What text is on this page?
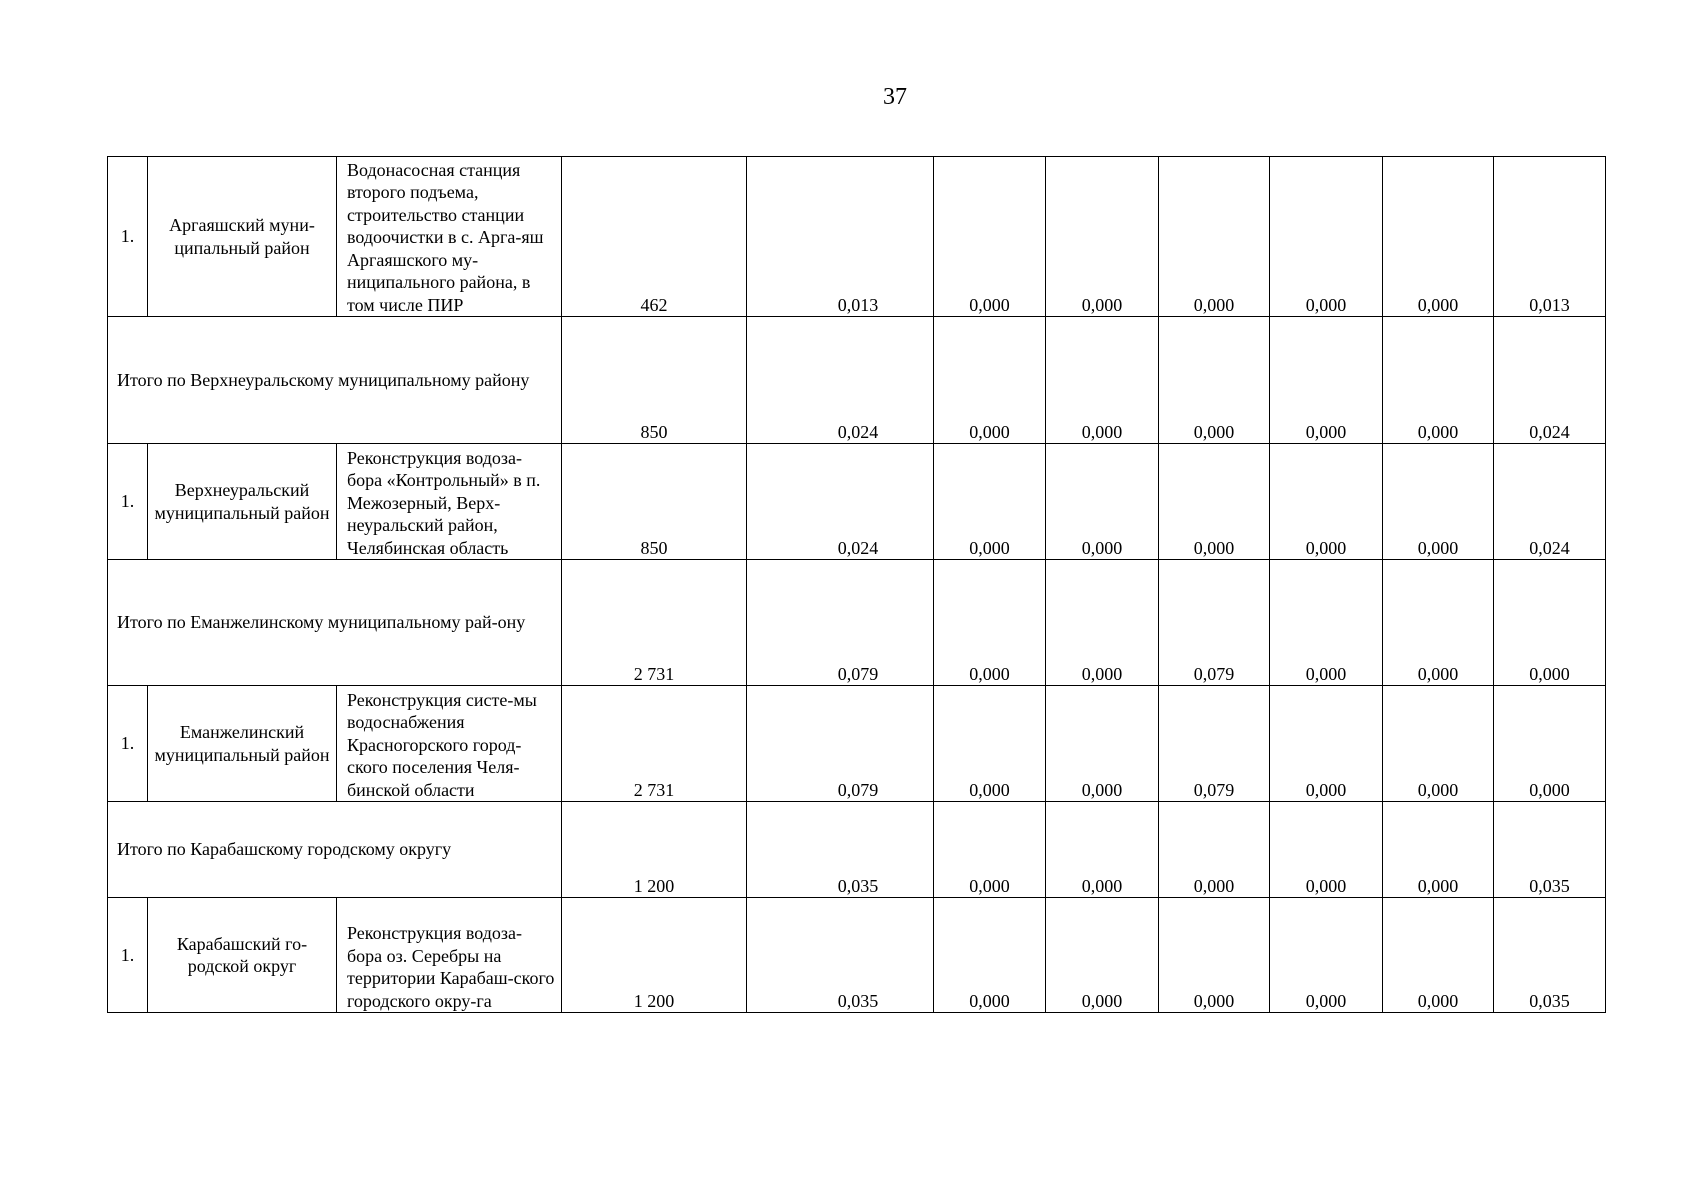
37
1.	Аргаяшский муни-ципальный район	Водонасосная станция второго подъема, строительство станции водоочистки в с. Арга-яш Аргаяшского му-ниципального района, в том числе ПИР	462	0,013	0,000	0,000	0,000	0,000	0,000	0,013
Итого по Верхнеуральскому муниципальному району			850	0,024	0,000	0,000	0,000	0,000	0,000	0,024
1.	Верхнеуральский муниципальный район	Реконструкция водоза-бора «Контрольный» в п. Межозерный, Верх-неуральский район, Челябинская область	850	0,024	0,000	0,000	0,000	0,000	0,000	0,024
Итого по Еманжелинскому муниципальному рай-ону			2 731	0,079	0,000	0,000	0,079	0,000	0,000	0,000
1.	Еманжелинский муниципальный район	Реконструкция систе-мы водоснабжения Красногорского город-ского поселения Челя-бинской области	2 731	0,079	0,000	0,000	0,079	0,000	0,000	0,000
Итого по Карабашскому городскому округу			1 200	0,035	0,000	0,000	0,000	0,000	0,000	0,035
1.	Карабашский го-родской округ	Реконструкция водоза-бора оз. Серебры на территории Карабаш-ского городского окру-га	1 200	0,035	0,000	0,000	0,000	0,000	0,000	0,035
